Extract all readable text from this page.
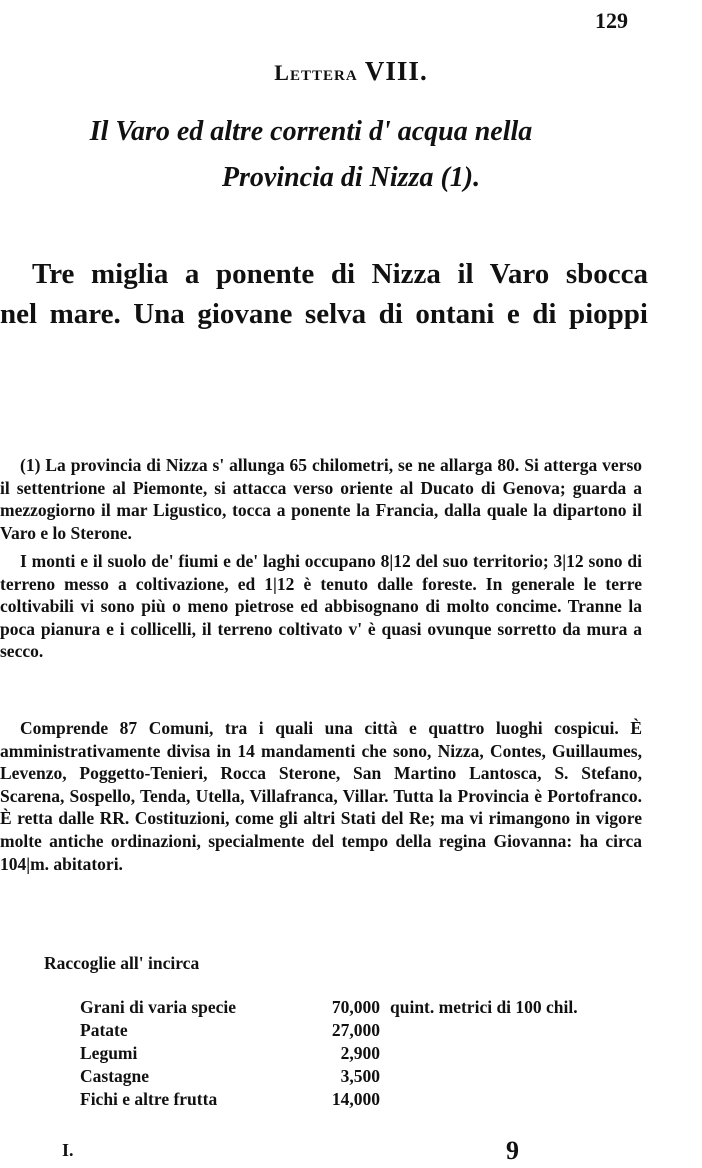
129
Lettera VIII.
Il Varo ed altre correnti d' acqua nella
Provincia di Nizza (1).
Tre miglia a ponente di Nizza il Varo sbocca
nel mare. Una giovane selva di ontani e di pioppi

(1) La provincia di Nizza s' allunga 65 chilometri, se ne allarga 80. Si atterga verso il settentrione al Piemonte, si attacca verso oriente al Ducato di Genova; guarda a mezzogiorno il mar Ligustico, tocca a ponente la Francia, dalla quale la dipartono il Varo e lo Sterone.

I monti e il suolo de' fiumi e de' laghi occupano 8|12 del suo territorio; 3|12 sono di terreno messo a coltivazione, ed 1|12 è tenuto dalle foreste. In generale le terre coltivabili vi sono più o meno pietrose ed abbisognano di molto concime. Tranne la poca pianura e i collicelli, il terreno coltivato v' è quasi ovunque sorretto da mura a secco.

Comprende 87 Comuni, tra i quali una città e quattro luoghi cospicui. È amministrativamente divisa in 14 mandamenti che sono, Nizza, Contes, Guillaumes, Levenzo, Poggetto-Tenieri, Rocca Sterone, San Martino Lantosca, S. Stefano, Scarena, Sospello, Tenda, Utella, Villafranca, Villar. Tutta la Provincia è Portofranco. È retta dalle RR. Costituzioni, come gli altri Stati del Re; ma vi rimangono in vigore molte antiche ordinazioni, specialmente del tempo della regina Giovanna: ha circa 104|m. abitatori.

Raccoglie all' incirca
Grani di varia specie	70,000	quint. metrici di 100 chil.
Patate	27,000	
Legumi	2,900	
Castagne	3,500	
Fichi e altre frutta	14,000	
I.	9
